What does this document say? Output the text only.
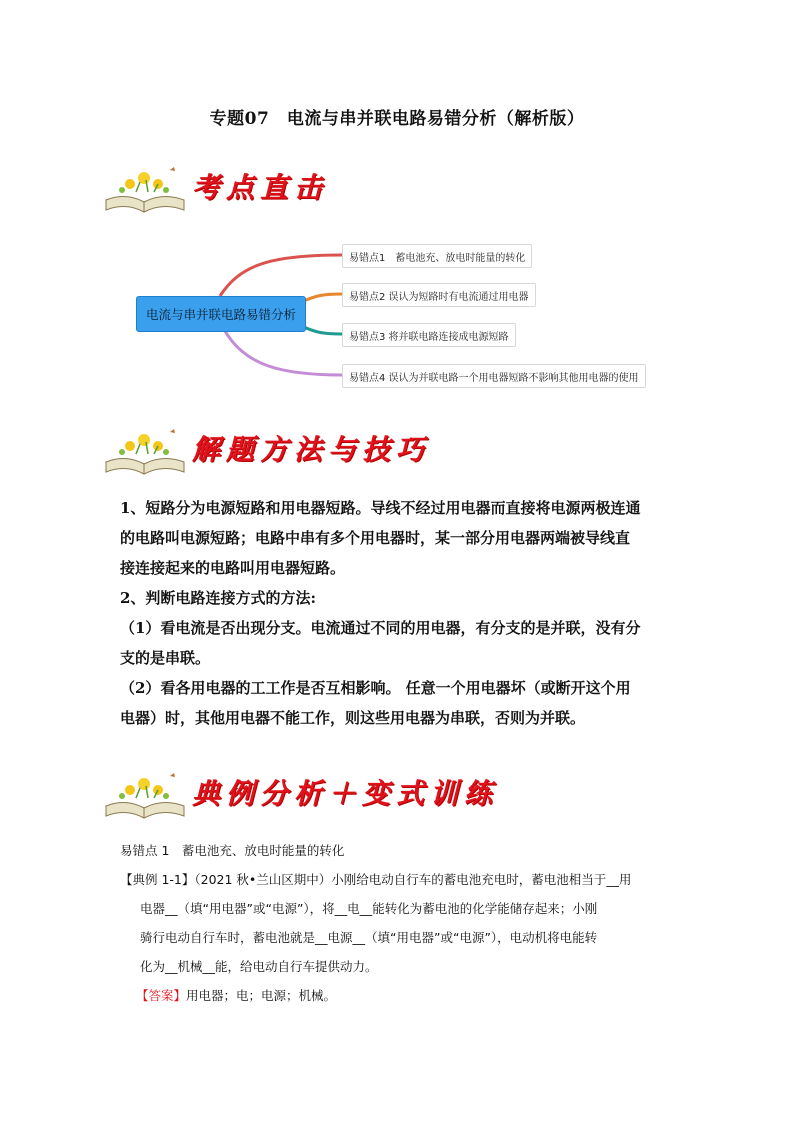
专题07　电流与串并联电路易错分析（解析版）
考点直击
电流与串并联电路易错分析
易错点1　蓄电池充、放电时能量的转化
易错点2 误认为短路时有电流通过用电器
易错点3 将并联电路连接成电源短路
易错点4 误认为并联电路一个用电器短路不影响其他用电器的使用
解题方法与技巧

1、短路分为电源短路和用电器短路。导线不经过用电器而直接将电源两极连通

的电路叫电源短路；电路中串有多个用电器时，某一部分用电器两端被导线直

接连接起来的电路叫用电器短路。

2、判断电路连接方式的方法:

（1）看电流是否出现分支。电流通过不同的用电器，有分支的是并联，没有分

支的是串联。

（2）看各用电器的工工作是否互相影响。 任意一个用电器坏（或断开这个用

电器）时，其他用电器不能工作，则这些用电器为串联，否则为并联。

典例分析＋变式训练

易错点 1　蓄电池充、放电时能量的转化

【典例 1-1】（2021 秋•兰山区期中）小刚给电动自行车的蓄电池充电时，蓄电池相当于__用

电器__（填“用电器”或“电源”），将__电__能转化为蓄电池的化学能储存起来；小刚

骑行电动自行车时，蓄电池就是__电源__（填“用电器”或“电源”），电动机将电能转

化为__机械__能，给电动自行车提供动力。

【答案】用电器；电；电源；机械。
